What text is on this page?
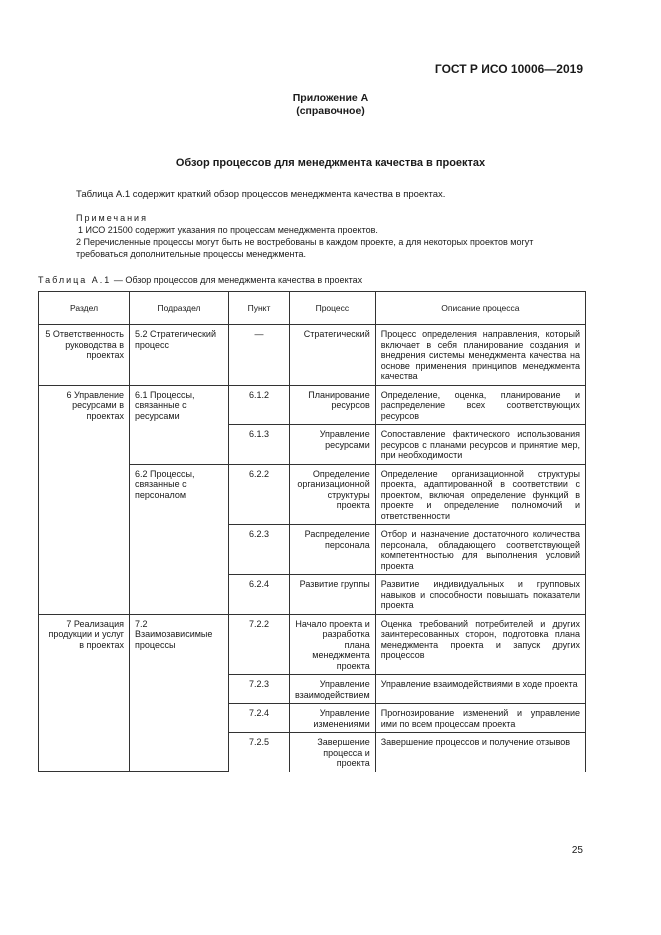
ГОСТ Р ИСО 10006—2019
Приложение А
(справочное)
Обзор процессов для менеджмента качества в проектах
Таблица А.1 содержит краткий обзор процессов менеджмента качества в проектах.
Примечания
1 ИСО 21500 содержит указания по процессам менеджмента проектов.
2 Перечисленные процессы могут быть не востребованы в каждом проекте, а для некоторых проектов могут требоваться дополнительные процессы менеджмента.
Таблица А.1 — Обзор процессов для менеджмента качества в проектах
Раздел	Подраздел	Пункт	Процесс	Описание процесса
5 Ответственность руководства в проектах	5.2 Стратегический процесс	—	Стратегический	Процесс определения направления, который включает в себя планирование создания и внедрения системы менеджмента качества на основе применения принципов менеджмента качества
6 Управление ресурсами в проектах	6.1 Процессы, связанные с ресурсами	6.1.2	Планирование ресурсов	Определение, оценка, планирование и распределение всех соответствующих ресурсов
		6.1.3	Управление ресурсами	Сопоставление фактического использования ресурсов с планами ресурсов и принятие мер, при необходимости
	6.2 Процессы, связанные с персоналом	6.2.2	Определение организационной структуры проекта	Определение организационной структуры проекта, адаптированной в соответствии с проектом, включая определение функций в проекте и определение полномочий и ответственности
		6.2.3	Распределение персонала	Отбор и назначение достаточного количества персонала, обладающего соответствующей компетентностью для выполнения условий проекта
		6.2.4	Развитие группы	Развитие индивидуальных и групповых навыков и способности повышать показатели проекта
7 Реализация продукции и услуг в проектах	7.2 Взаимозависимые процессы	7.2.2	Начало проекта и разработка плана менеджмента проекта	Оценка требований потребителей и других заинтересованных сторон, подготовка плана менеджмента проекта и запуск других процессов
		7.2.3	Управление взаимодействием	Управление взаимодействиями в ходе проекта
		7.2.4	Управление изменениями	Прогнозирование изменений и управление ими по всем процессам проекта
		7.2.5	Завершение процесса и проекта	Завершение процессов и получение отзывов
25
